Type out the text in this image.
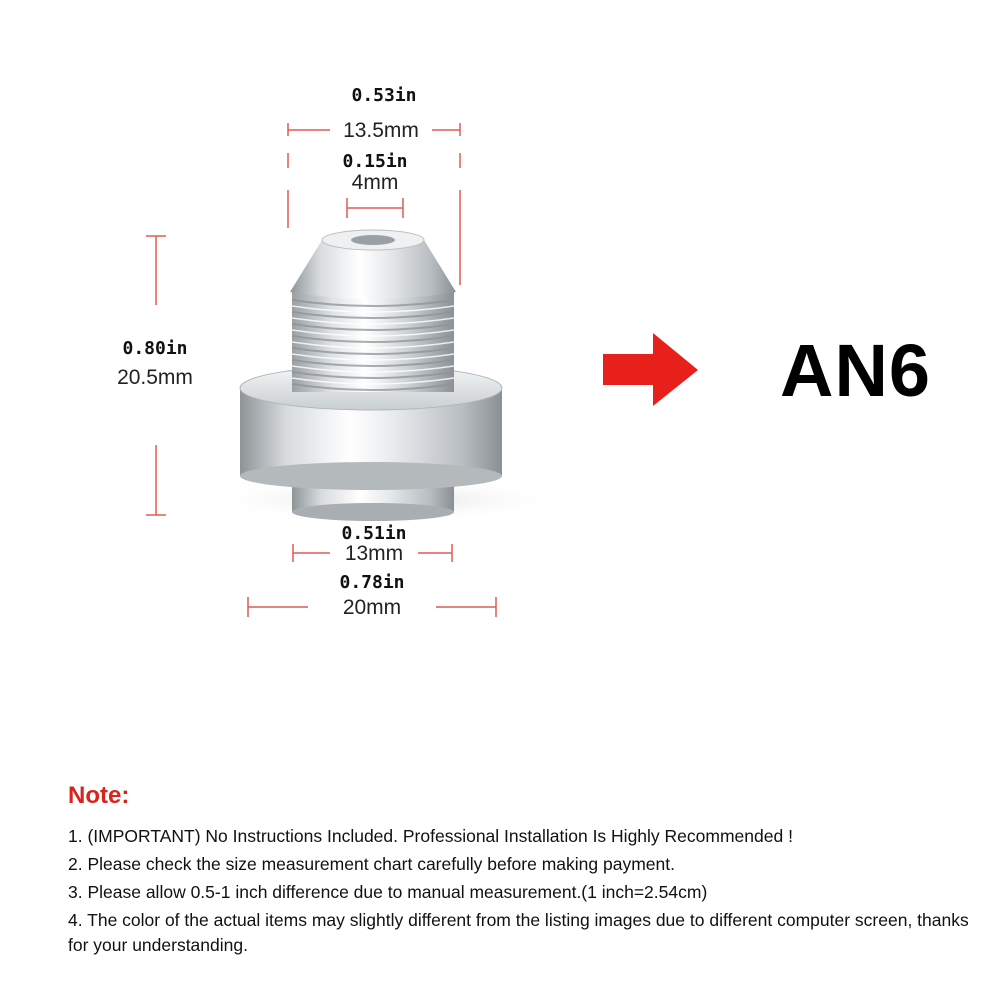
0.53in
13.5mm
0.15in
4mm
0.80in
20.5mm
0.51in
13mm
0.78in
20mm
AN6

Note:

1. (IMPORTANT) No Instructions Included. Professional Installation Is Highly Recommended !

2. Please check the size measurement chart carefully before making payment.

3. Please allow 0.5-1 inch difference due to manual measurement.(1 inch=2.54cm)

4. The color of the actual items may slightly different from the listing images due to different computer screen, thanks for your understanding.
